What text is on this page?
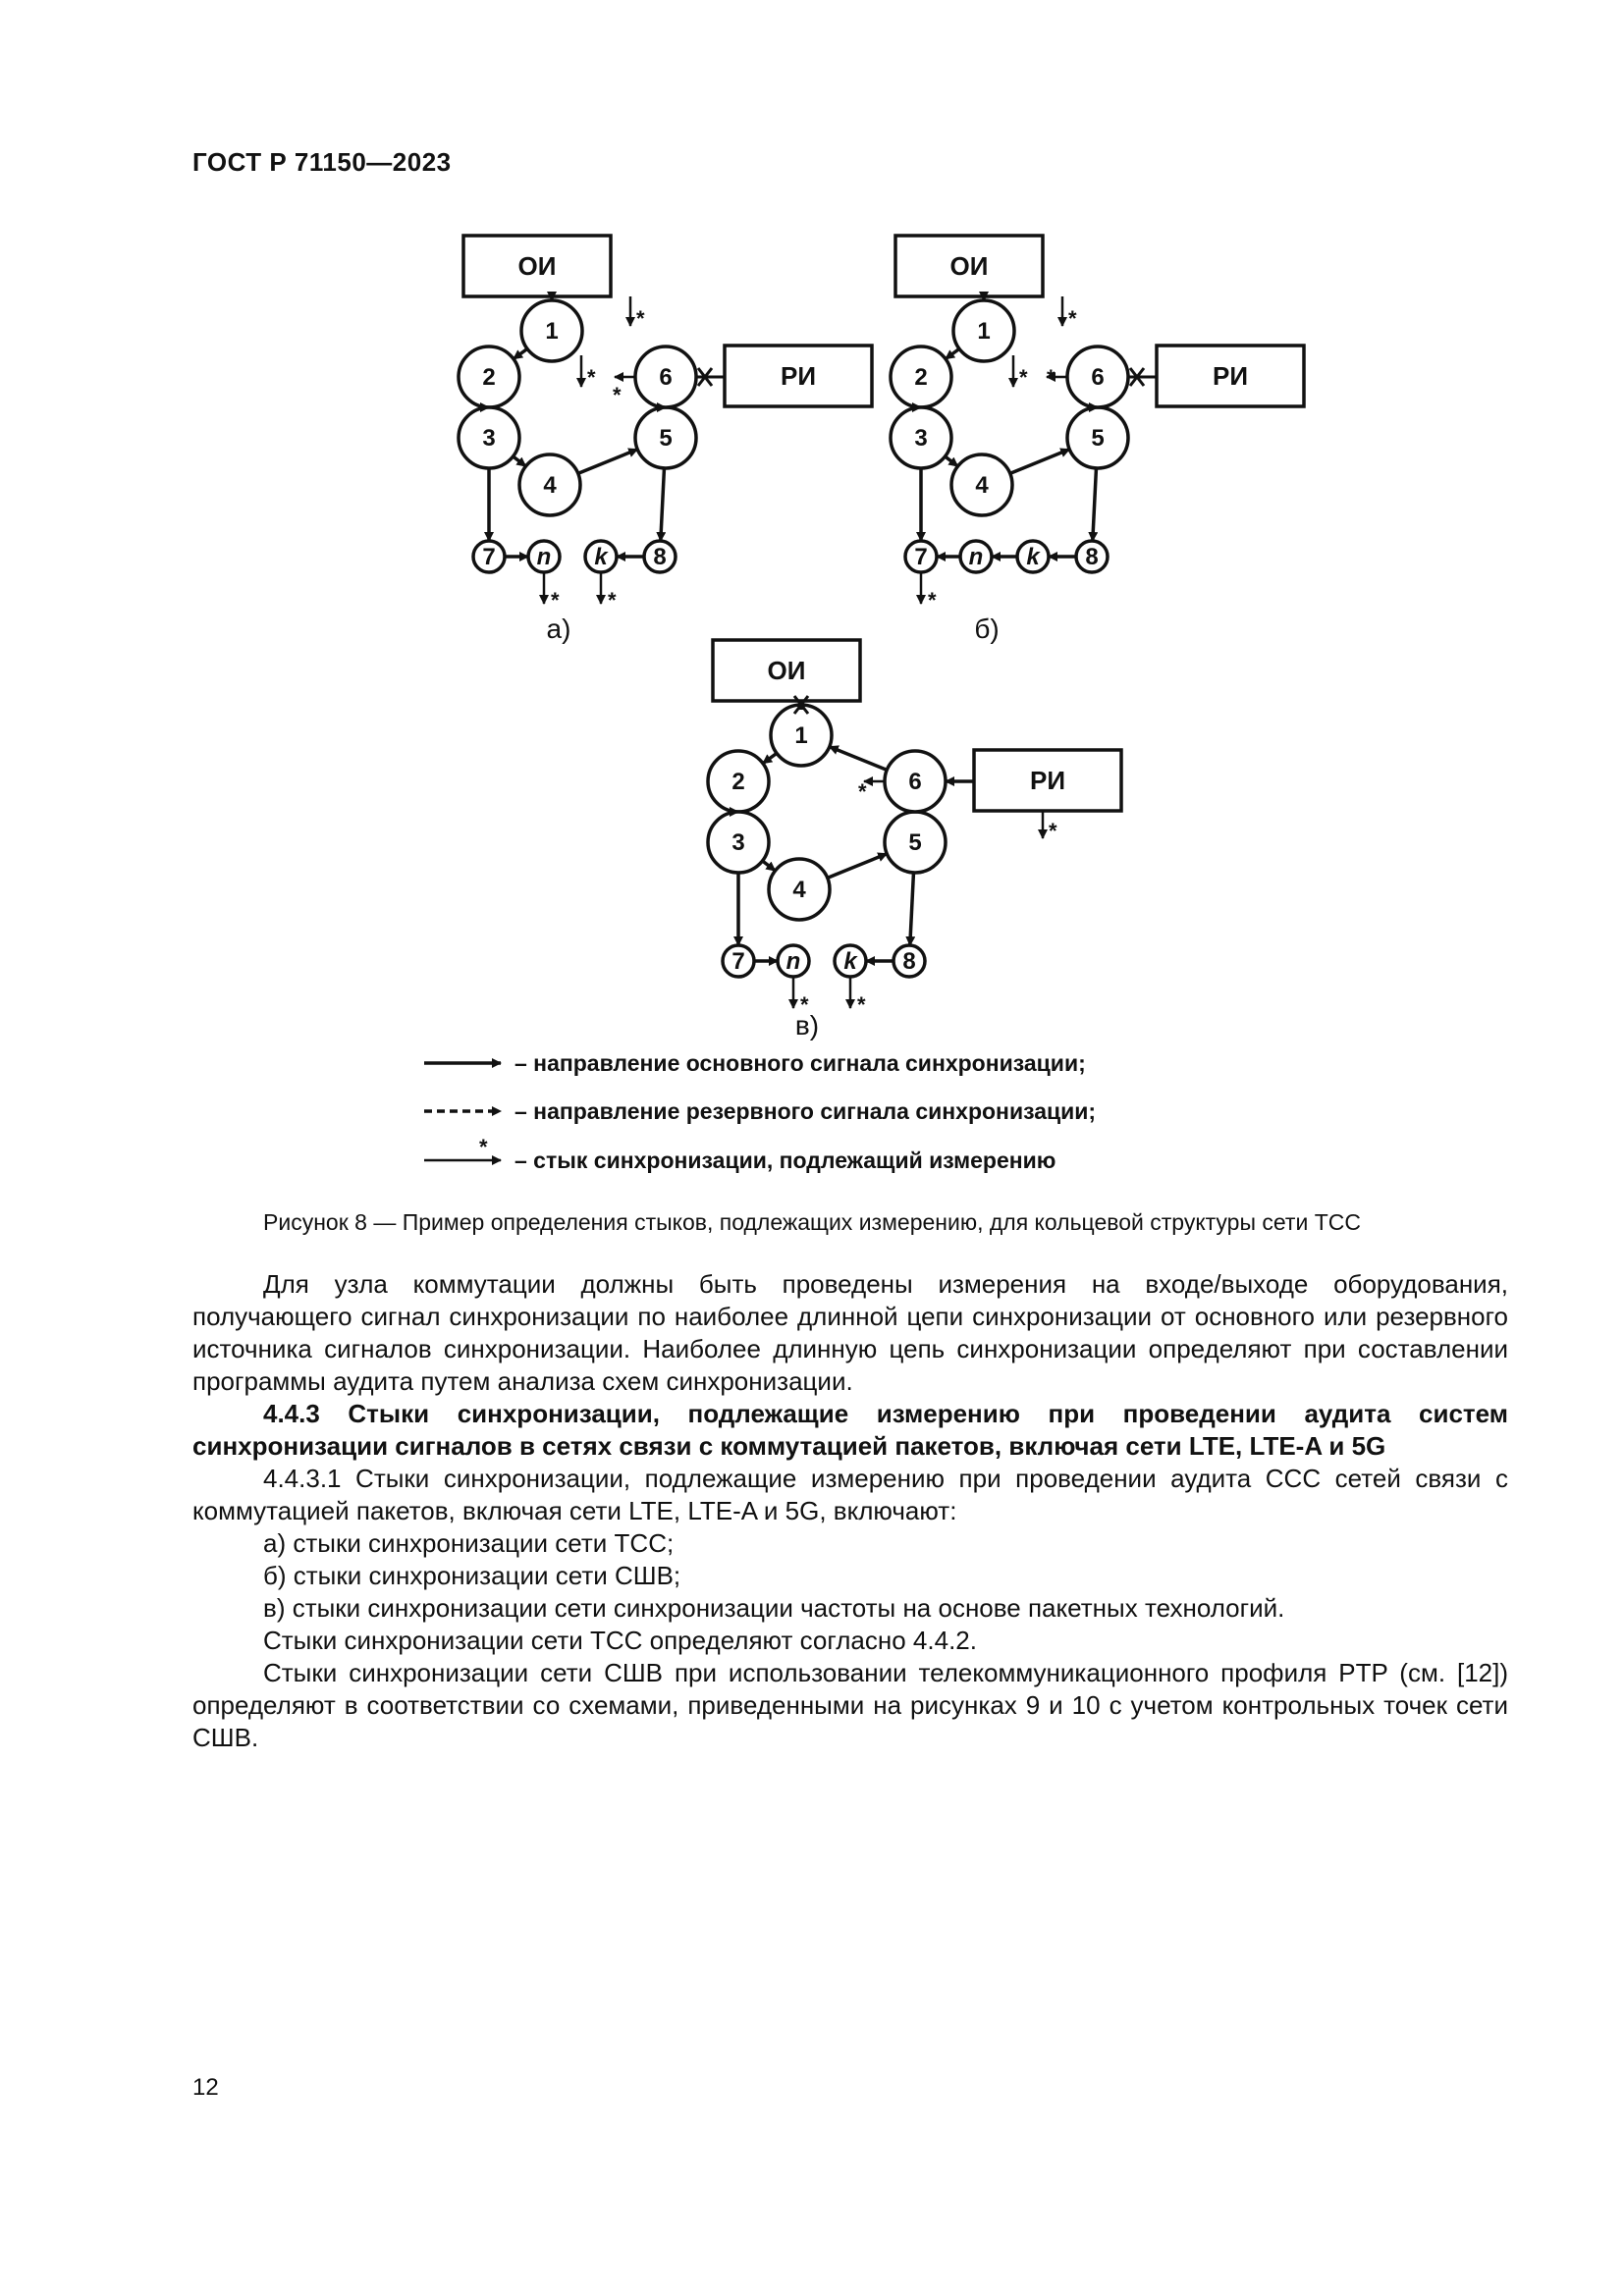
ГОСТ Р 71150—2023
ОИ
РИ
1
2
3
4
5
6
7 n k 8
*
*
*
* *
а)
ОИ
РИ
1
2
3
4
5
6
7 n k 8
*
* *
*
б)
ОИ
РИ
1
2
3
4
5
6
7 n k 8
*
*
* *
в)
– направление основного сигнала синхронизации;
– направление резервного сигнала синхронизации;
*
– стык синхронизации, подлежащий измерению
Рисунок 8 — Пример определения стыков, подлежащих измерению, для кольцевой структуры сети ТСС

Для узла коммутации должны быть проведены измерения на входе/выходе оборудования, получающего сигнал синхронизации по наиболее длинной цепи синхронизации от основного или резервного источника сигналов синхронизации. Наиболее длинную цепь синхронизации определяют при составлении программы аудита путем анализа схем синхронизации.

4.4.3 Стыки синхронизации, подлежащие измерению при проведении аудита систем синхронизации сигналов в сетях связи с коммутацией пакетов, включая сети LTE, LTE-A и 5G

4.4.3.1 Стыки синхронизации, подлежащие измерению при проведении аудита ССС сетей связи с коммутацией пакетов, включая сети LTE, LTE-A и 5G, включают:

а) стыки синхронизации сети ТСС;

б) стыки синхронизации сети СШВ;

в) стыки синхронизации сети синхронизации частоты на основе пакетных технологий.

Стыки синхронизации сети ТСС определяют согласно 4.4.2.

Стыки синхронизации сети СШВ при использовании телекоммуникационного профиля PTP (см. [12]) определяют в соответствии со схемами, приведенными на рисунках 9 и 10 с учетом контрольных точек сети СШВ.

12
